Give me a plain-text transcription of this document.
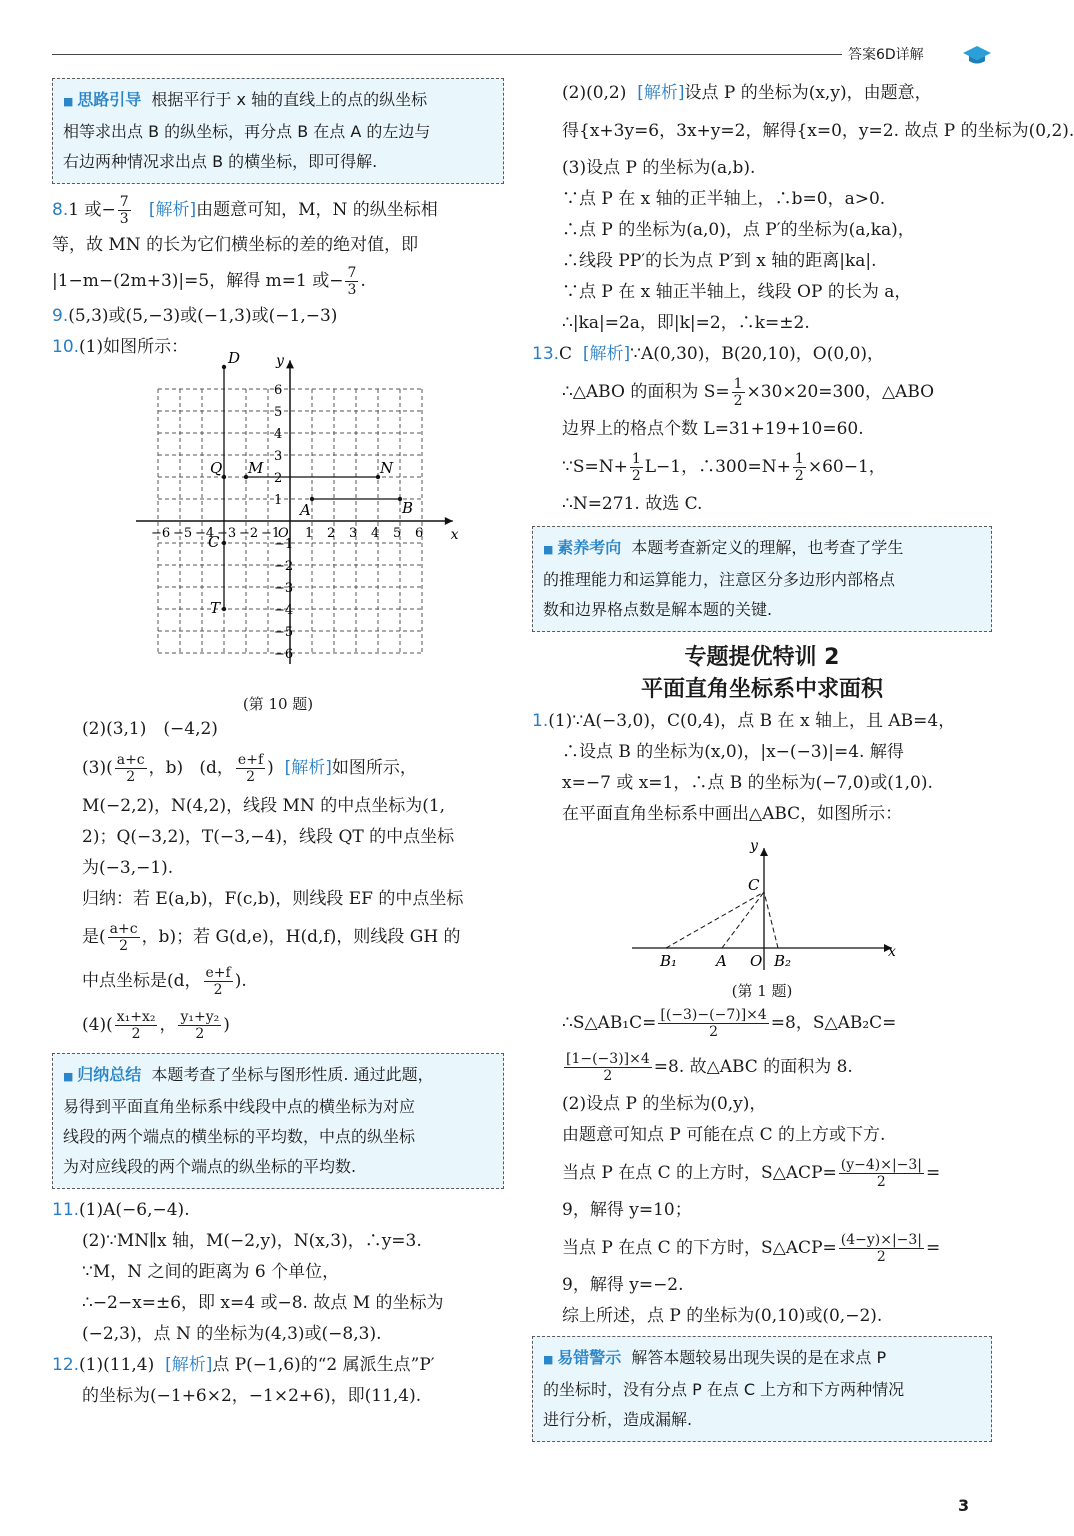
答案6D详解
■ 思路引导 根据平行于 x 轴的直线上的点的纵坐标
相等求出点 B 的纵坐标，再分点 B 在点 A 的左边与
右边两种情况求出点 B 的横坐标，即可得解.
8.1 或− $\frac{7}{3}$ [解析]由题意可知，M，N 的纵坐标相
等，故 MN 的长为它们横坐标的差的绝对值，即
|1−m−(2m+3)|=5，解得 m=1 或− $\frac{7}{3}$ .
9.(5,3)或(5,−3)或(−1,3)或(−1,−3)
10.(1)如图所示：
x
y
O
−6 −5 −4 −3 −2 −1 1 2 3 4 5 6
6
5
4
3
2
1
−1
−2
−3
−4
−5
−6
D
Q M	N
A	B
C
T
(第 10 题)
(2)(3,1)　(−4,2)
$(3)( \frac{a+c}{2}$ ，b)   (d， $\frac{e+f}{2}$ )  [解析]如图所示，
M(−2,2)，N(4,2)，线段 MN 的中点坐标为(1,
2)；Q(−3,2)，T(−3,−4)，线段 QT 的中点坐标
为(−3,−1).
归纳：若 E(a,b)，F(c,b)，则线段 EF 的中点坐标
是( $\frac{a+c}{2}$ ，b)；若 G(d,e)，H(d,f)，则线段 GH 的
中点坐标是(d， $\frac{e+f}{2}$ ).
$(4)( \frac{\text{x₁+x₂}}{2}$ ， $\frac{\text{y₁+y₂}}{2}$ )
■ 归纳总结 本题考查了坐标与图形性质. 通过此题，
易得到平面直角坐标系中线段中点的横坐标为对应
线段的两个端点的横坐标的平均数，中点的纵坐标
为对应线段的两个端点的纵坐标的平均数.
11.(1)A(−6,−4).
(2)∵MN∥x 轴，M(−2,y)，N(x,3)，∴y=3.
∵M，N 之间的距离为 6 个单位，
∴−2−x=±6，即 x=4 或−8. 故点 M 的坐标为
(−2,3)，点 N 的坐标为(4,3)或(−8,3).
12.(1)(11,4) [解析]点 P(−1,6)的“2 属派生点”P′
的坐标为(−1+6×2，−1×2+6)，即(11,4).
(2)(0,2) [解析]设点 P 的坐标为(x,y)，由题意，
得{x+3y=6，3x+y=2，解得{x=0，y=2. 故点 P 的坐标为(0,2).
(3)设点 P 的坐标为(a,b).
∵点 P 在 x 轴的正半轴上，∴b=0，a>0.
∴点 P 的坐标为(a,0)，点 P′的坐标为(a,ka)，
∴线段 PP′的长为点 P′到 x 轴的距离|ka|.
∵点 P 在 x 轴正半轴上，线段 OP 的长为 a，
∴|ka|=2a，即|k|=2，∴k=±2.
13.C [解析]∵A(0,30)，B(20,10)，O(0,0)，
∴△ABO 的面积为 $S= \frac{1}{2} \times 30\times 20=300$，△ABO
边界上的格点个数 L=31+19+10=60.
∵S=N+ $\frac{1}{2} L-1$，∴300=N+ $\frac{1}{2} \times 60-1$，
∴N=271. 故选 C.
■ 素养考向 本题考查新定义的理解，也考查了学生
的推理能力和运算能力，注意区分多边形内部格点
数和边界格点数是解本题的关键.
专题提优特训 2
平面直角坐标系中求面积
1.(1)∵A(−3,0)，C(0,4)，点 B 在 x 轴上，且 AB=4，
∴设点 B 的坐标为(x,0)，|x−(−3)|=4. 解得
x=−7 或 x=1，∴点 B 的坐标为(−7,0)或(1,0).
在平面直角坐标系中画出△ABC，如图所示：
x
y
B₁	A O B₂
C
(第 1 题)
∴S△AB₁C= $\frac{[(-3)-(-7)]\times 4}{2} =8$，S△AB₂C=
$\frac{[1-(-3)]\times 4}{2} =8$. 故△ABC 的面积为 8.
(2)设点 P 的坐标为(0,y)，
由题意可知点 P 可能在点 C 的上方或下方.
当点 P 在点 C 的上方时，S△ACP= $\frac{(y-4)\times|-3|}{2}$ =
9，解得 y=10；
当点 P 在点 C 的下方时，S△ACP= $\frac{(4-y)\times|-3|}{2}$ =
9，解得 y=−2.
综上所述，点 P 的坐标为(0,10)或(0,−2).
■ 易错警示 解答本题较易出现失误的是在求点 P
的坐标时，没有分点 P 在点 C 上方和下方两种情况
进行分析，造成漏解.
3
